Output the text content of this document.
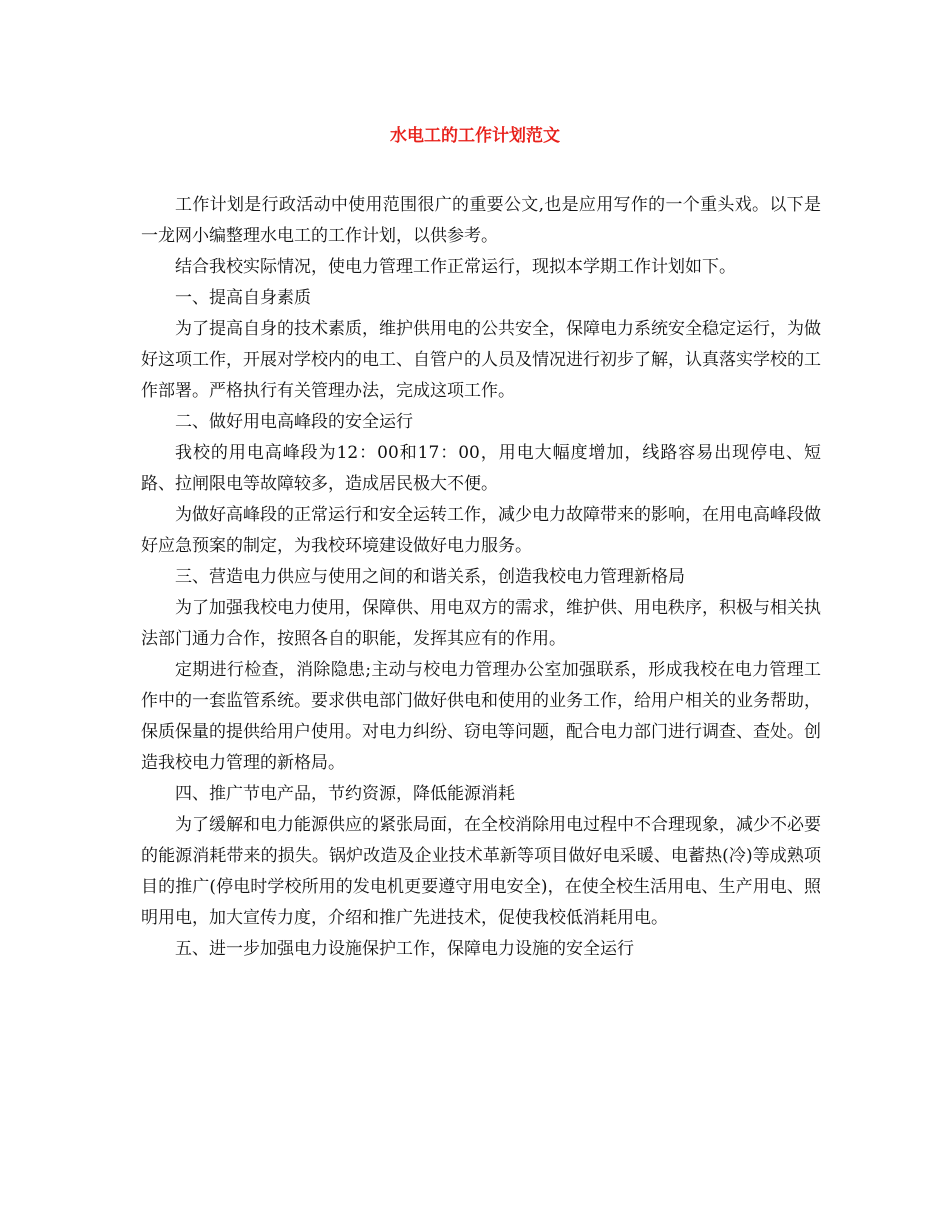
水电工的工作计划范文

工作计划是行政活动中使用范围很广的重要公文,也是应用写作的一个重头戏。以下是一龙网小编整理水电工的工作计划，以供参考。

结合我校实际情况，使电力管理工作正常运行，现拟本学期工作计划如下。

一、提高自身素质

为了提高自身的技术素质，维护供用电的公共安全，保障电力系统安全稳定运行，为做好这项工作，开展对学校内的电工、自管户的人员及情况进行初步了解，认真落实学校的工作部署。严格执行有关管理办法，完成这项工作。

二、做好用电高峰段的安全运行

我校的用电高峰段为12：00和17：00，用电大幅度增加，线路容易出现停电、短路、拉闸限电等故障较多，造成居民极大不便。

为做好高峰段的正常运行和安全运转工作，减少电力故障带来的影响，在用电高峰段做好应急预案的制定，为我校环境建设做好电力服务。

三、营造电力供应与使用之间的和谐关系，创造我校电力管理新格局

为了加强我校电力使用，保障供、用电双方的需求，维护供、用电秩序，积极与相关执法部门通力合作，按照各自的职能，发挥其应有的作用。

定期进行检查，消除隐患;主动与校电力管理办公室加强联系，形成我校在电力管理工作中的一套监管系统。要求供电部门做好供电和使用的业务工作，给用户相关的业务帮助，保质保量的提供给用户使用。对电力纠纷、窃电等问题，配合电力部门进行调查、查处。创造我校电力管理的新格局。

四、推广节电产品，节约资源，降低能源消耗

为了缓解和电力能源供应的紧张局面，在全校消除用电过程中不合理现象，减少不必要的能源消耗带来的损失。锅炉改造及企业技术革新等项目做好电采暖、电蓄热(冷)等成熟项目的推广(停电时学校所用的发电机更要遵守用电安全)，在使全校生活用电、生产用电、照明用电，加大宣传力度，介绍和推广先进技术，促使我校低消耗用电。

五、进一步加强电力设施保护工作，保障电力设施的安全运行
